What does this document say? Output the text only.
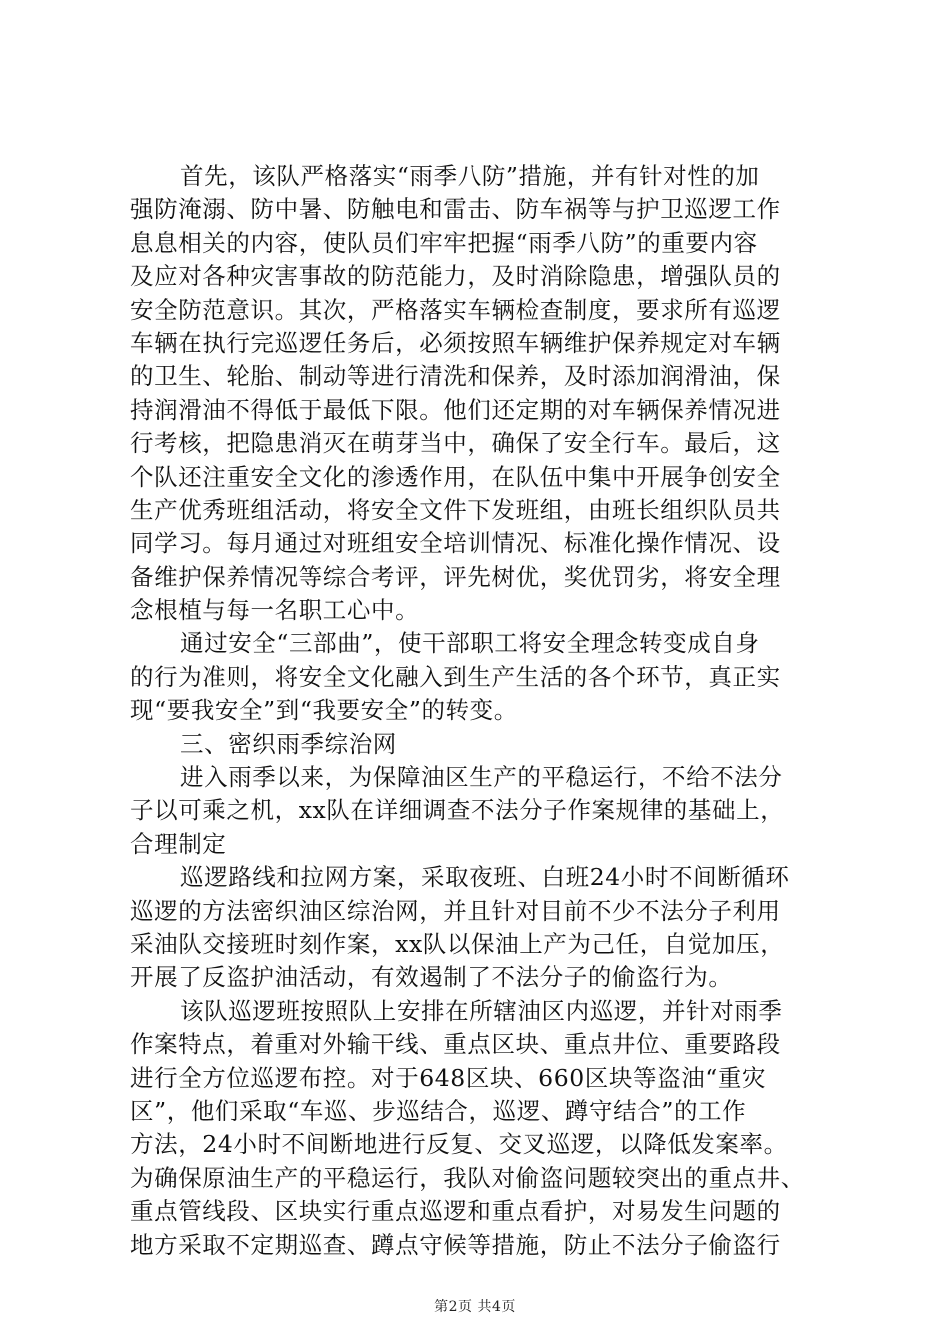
首先，该队严格落实“雨季八防”措施，并有针对性的加
强防淹溺、防中暑、防触电和雷击、防车祸等与护卫巡逻工作
息息相关的内容，使队员们牢牢把握“雨季八防”的重要内容
及应对各种灾害事故的防范能力，及时消除隐患，增强队员的
安全防范意识。其次，严格落实车辆检查制度，要求所有巡逻
车辆在执行完巡逻任务后，必须按照车辆维护保养规定对车辆
的卫生、轮胎、制动等进行清洗和保养，及时添加润滑油，保
持润滑油不得低于最低下限。他们还定期的对车辆保养情况进
行考核，把隐患消灭在萌芽当中，确保了安全行车。最后，这
个队还注重安全文化的渗透作用，在队伍中集中开展争创安全
生产优秀班组活动，将安全文件下发班组，由班长组织队员共
同学习。每月通过对班组安全培训情况、标准化操作情况、设
备维护保养情况等综合考评，评先树优，奖优罚劣，将安全理
念根植与每一名职工心中。
通过安全“三部曲”，使干部职工将安全理念转变成自身
的行为准则，将安全文化融入到生产生活的各个环节，真正实
现“要我安全”到“我要安全”的转变。
三、密织雨季综治网
进入雨季以来，为保障油区生产的平稳运行，不给不法分
子以可乘之机，xx队在详细调查不法分子作案规律的基础上，
合理制定
巡逻路线和拉网方案，采取夜班、白班24小时不间断循环
巡逻的方法密织油区综治网，并且针对目前不少不法分子利用
采油队交接班时刻作案，xx队以保油上产为己任，自觉加压，
开展了反盗护油活动，有效遏制了不法分子的偷盗行为。
该队巡逻班按照队上安排在所辖油区内巡逻，并针对雨季
作案特点，着重对外输干线、重点区块、重点井位、重要路段
进行全方位巡逻布控。对于648区块、660区块等盗油“重灾
区”，他们采取“车巡、步巡结合，巡逻、蹲守结合”的工作
方法，24小时不间断地进行反复、交叉巡逻，以降低发案率。
为确保原油生产的平稳运行，我队对偷盗问题较突出的重点井、
重点管线段、区块实行重点巡逻和重点看护，对易发生问题的
地方采取不定期巡查、蹲点守候等措施，防止不法分子偷盗行
第2页 共4页
